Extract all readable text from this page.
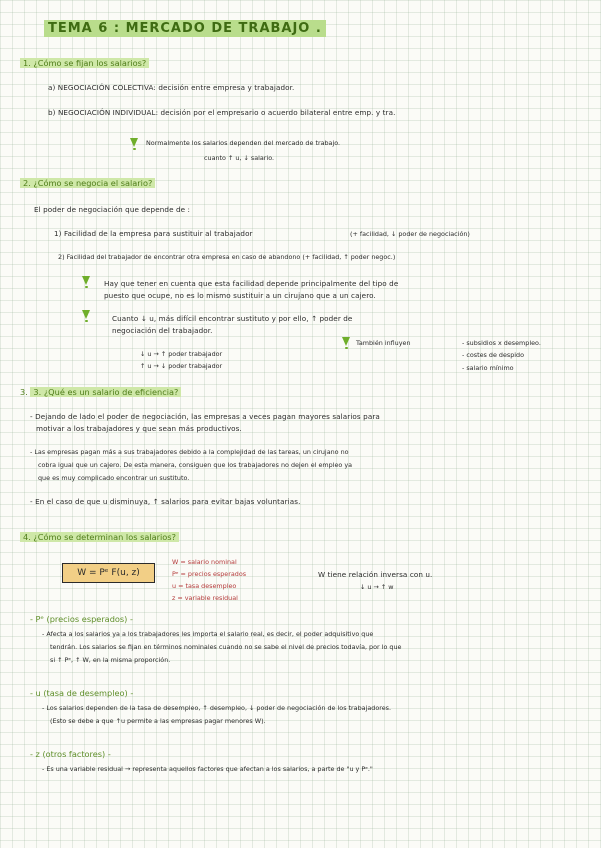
TEMA 6 : MERCADO DE TRABAJO .
1. ¿Cómo se fijan los salarios?
a) NEGOCIACIÓN COLECTIVA: decisión entre empresa y trabajador.
b) NEGOCIACIÓN INDIVIDUAL: decisión por el empresario o acuerdo bilateral entre emp. y tra.
Normalmente los salarios dependen del mercado de trabajo.
cuanto ↑ u, ↓ salario.
2. ¿Cómo se negocia el salario?
El poder de negociación que depende de :
1) Facilidad de la empresa para sustituir al trabajador	(+ facilidad, ↓ poder de negociación)
2) Facilidad del trabajador de encontrar otra empresa en caso de abandono (+ facilidad, ↑ poder negoc.)
Hay que tener en cuenta que esta facilidad depende principalmente del tipo de
puesto que ocupe, no es lo mismo sustituir a un cirujano que a un cajero.
Cuanto ↓ u, más difícil encontrar sustituto y por ello, ↑ poder de
negociación del trabajador.
También influyen	- subsidios x desempleo.
- costes de despido
- salario mínimo
↓ u → ↑ poder trabajador
↑ u → ↓ poder trabajador
3. 3. ¿Qué es un salario de eficiencia?
- Dejando de lado el poder de negociación, las empresas a veces pagan mayores salarios para
motivar a los trabajadores y que sean más productivos.
- Las empresas pagan más a sus trabajadores debido a la complejidad de las tareas, un cirujano no
cobra igual que un cajero. De esta manera, consiguen que los trabajadores no dejen el empleo ya
que es muy complicado encontrar un sustituto.
- En el caso de que u disminuya, ↑ salarios para evitar bajas voluntarias.
4. ¿Cómo se determinan los salarios?
W = Pᵉ F(u, z)
W = salario nominal
Pᵉ = precios esperados
u = tasa desempleo
z = variable residual
W tiene relación inversa con u.
↓ u → ↑ w
- Pᵉ (precios esperados) -
- Afecta a los salarios ya a los trabajadores les importa el salario real, es decir, el poder adquisitivo que
tendrán. Los salarios se fijan en términos nominales cuando no se sabe el nivel de precios todavía, por lo que
si ↑ Pᵉ, ↑ W, en la misma proporción.
- u (tasa de desempleo) -
- Los salarios dependen de la tasa de desempleo, ↑ desempleo, ↓ poder de negociación de los trabajadores.
(Esto se debe a que ↑u permite a las empresas pagar menores W).
- z (otros factores) -
- Es una variable residual → representa aquellos factores que afectan a los salarios, a parte de "u y Pᵉ."
